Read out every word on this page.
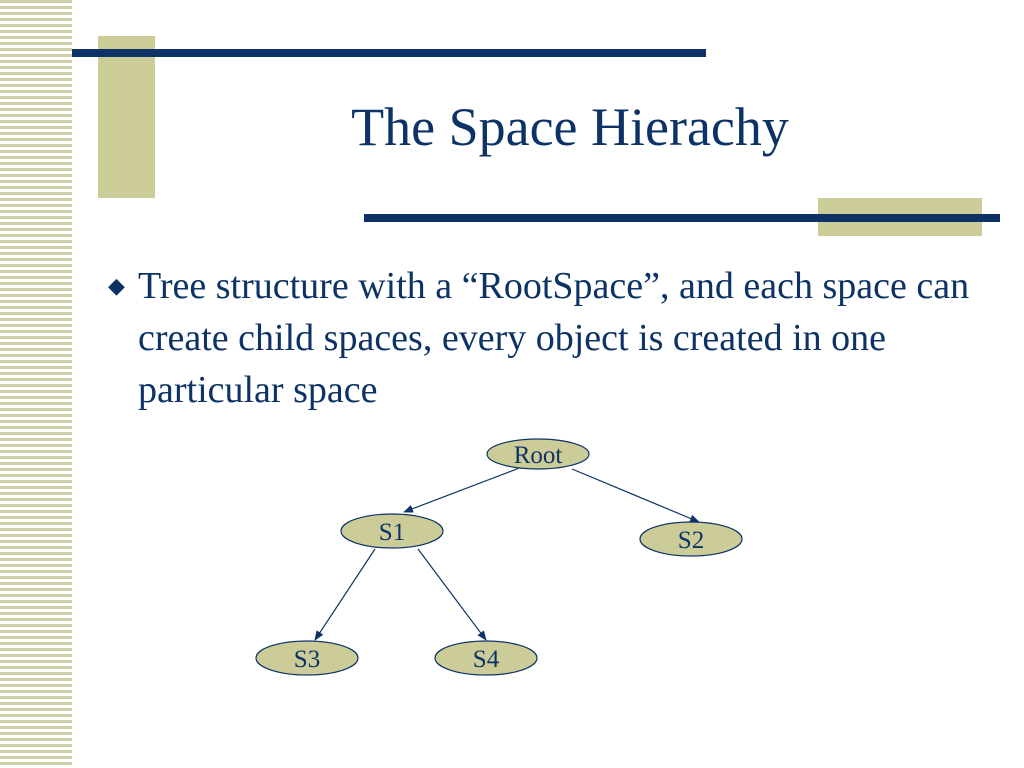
The Space Hierachy
◆ Tree structure with a “RootSpace”, and each space can create child spaces, every object is created in one particular space

Root
S1	S2
S3	S4
